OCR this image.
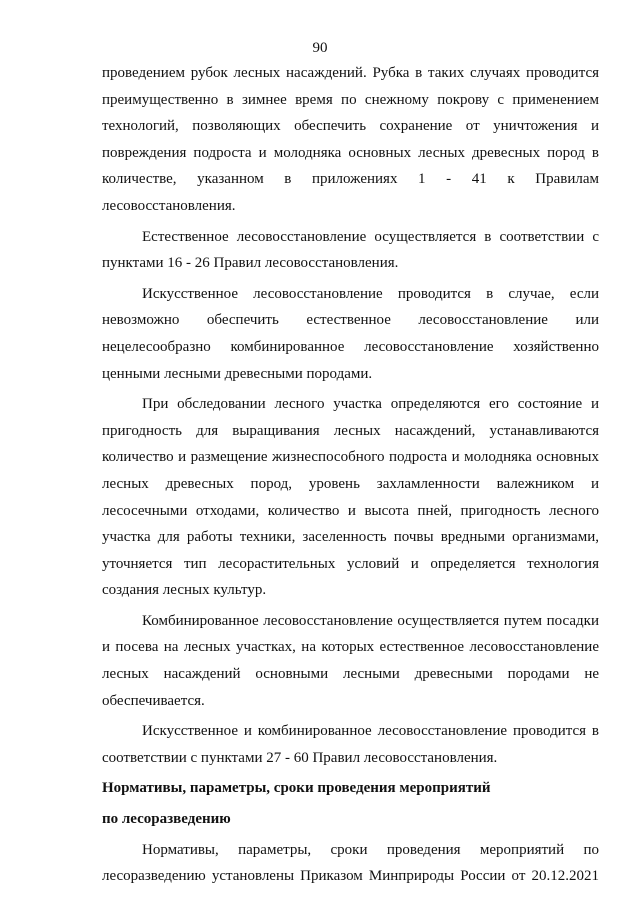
90

проведением рубок лесных насаждений. Рубка в таких случаях проводится преимущественно в зимнее время по снежному покрову с применением технологий, позволяющих обеспечить сохранение от уничтожения и повреждения подроста и молодняка основных лесных древесных пород в количестве, указанном в приложениях 1 - 41 к Правилам лесовосстановления.

Естественное лесовосстановление осуществляется в соответствии с пунктами 16 - 26 Правил лесовосстановления.

Искусственное лесовосстановление проводится в случае, если невозможно обеспечить естественное лесовосстановление или нецелесообразно комбинированное лесовосстановление хозяйственно ценными лесными древесными породами.

При обследовании лесного участка определяются его состояние и пригодность для выращивания лесных насаждений, устанавливаются количество и размещение жизнеспособного подроста и молодняка основных лесных древесных пород, уровень захламленности валежником и лесосечными отходами, количество и высота пней, пригодность лесного участка для работы техники, заселенность почвы вредными организмами, уточняется тип лесорастительных условий и определяется технология создания лесных культур.

Комбинированное лесовосстановление осуществляется путем посадки и посева на лесных участках, на которых естественное лесовосстановление лесных насаждений основными лесными древесными породами не обеспечивается.

Искусственное и комбинированное лесовосстановление проводится в соответствии с пунктами 27 - 60 Правил лесовосстановления.

Нормативы, параметры, сроки проведения мероприятий

по лесоразведению

Нормативы, параметры, сроки проведения мероприятий по лесоразведению установлены Приказом Минприроды России от 20.12.2021
